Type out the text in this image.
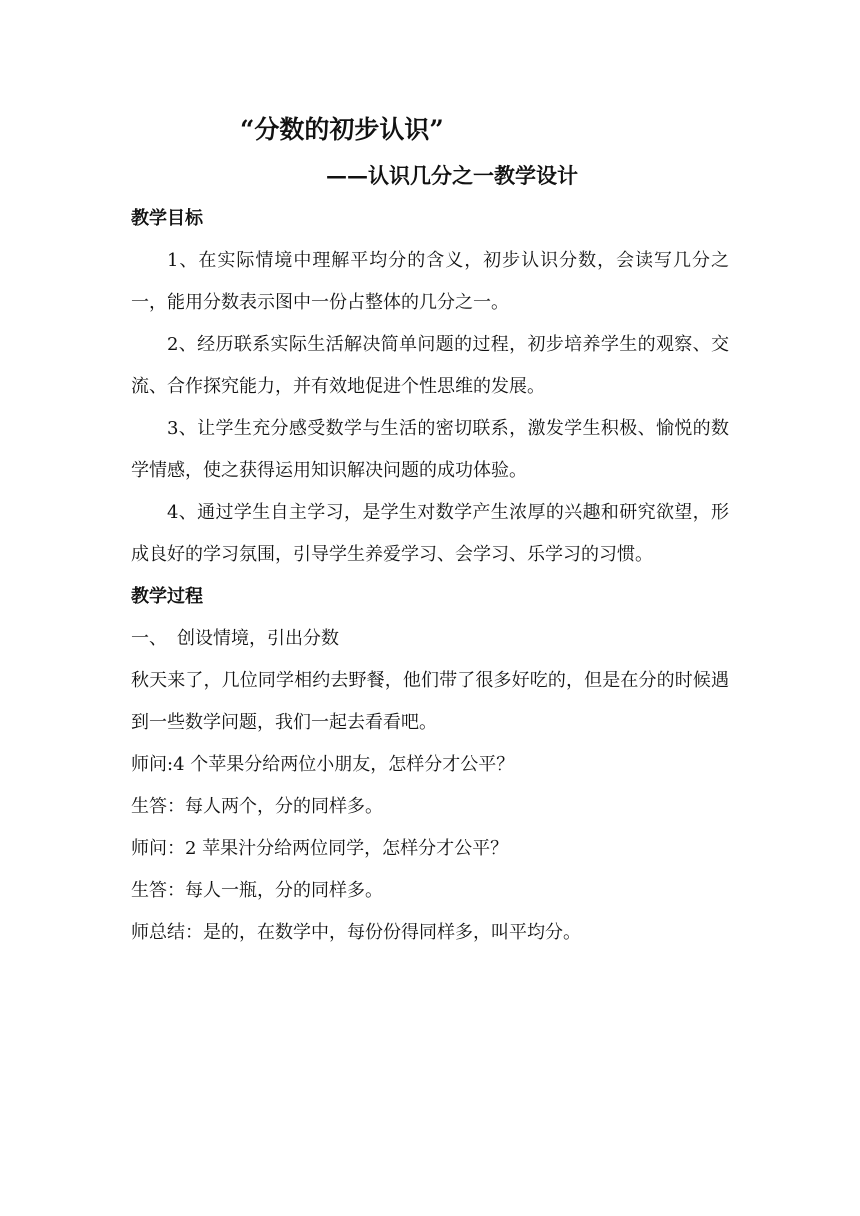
“分数的初步认识”
——认识几分之一教学设计

教学目标

1、在实际情境中理解平均分的含义，初步认识分数，会读写几分之一，能用分数表示图中一份占整体的几分之一。

2、经历联系实际生活解决简单问题的过程，初步培养学生的观察、交流、合作探究能力，并有效地促进个性思维的发展。

3、让学生充分感受数学与生活的密切联系，激发学生积极、愉悦的数学情感，使之获得运用知识解决问题的成功体验。

4、通过学生自主学习，是学生对数学产生浓厚的兴趣和研究欲望，形成良好的学习氛围，引导学生养爱学习、会学习、乐学习的习惯。

教学过程

一、 创设情境，引出分数

秋天来了，几位同学相约去野餐，他们带了很多好吃的，但是在分的时候遇到一些数学问题，我们一起去看看吧。

师问:4 个苹果分给两位小朋友，怎样分才公平？

生答：每人两个，分的同样多。

师问：2 苹果汁分给两位同学，怎样分才公平？

生答：每人一瓶，分的同样多。

师总结：是的，在数学中，每份份得同样多，叫平均分。
